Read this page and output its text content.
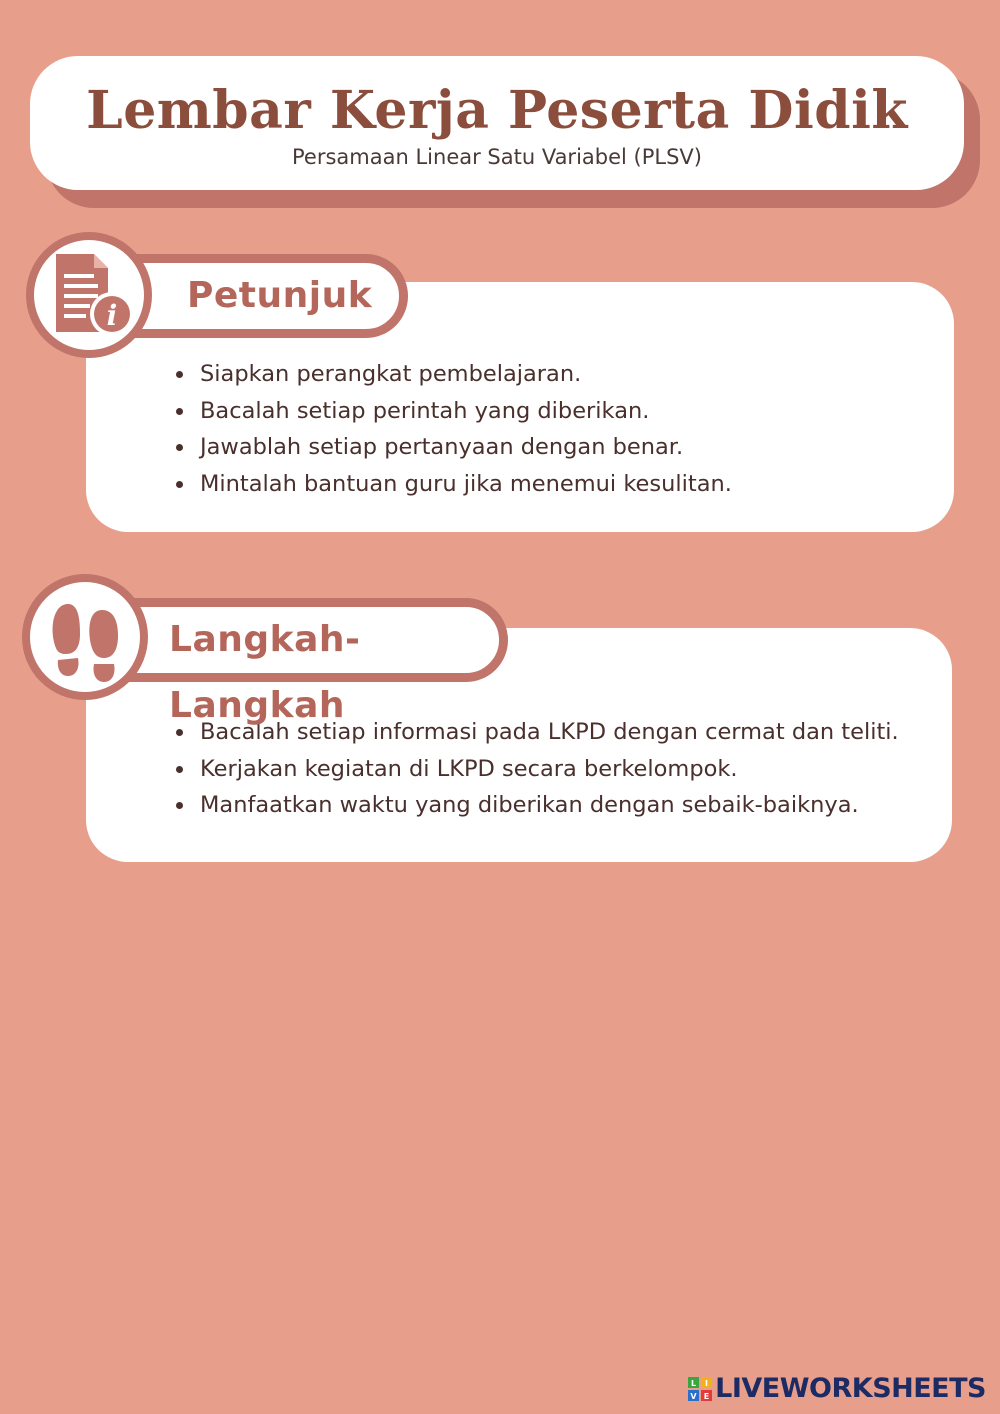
Lembar Kerja Peserta Didik
Persamaan Linear Satu Variabel (PLSV)
Siapkan perangkat pembelajaran.
Bacalah setiap perintah yang diberikan.
Jawablah setiap pertanyaan dengan benar.
Mintalah bantuan guru jika menemui kesulitan.
Petunjuk
i
Bacalah setiap informasi pada LKPD dengan cermat dan teliti.
Kerjakan kegiatan di LKPD secara berkelompok.
Manfaatkan waktu yang diberikan dengan sebaik-baiknya.
Langkah-Langkah
L I
V E LIVEWORKSHEETS
